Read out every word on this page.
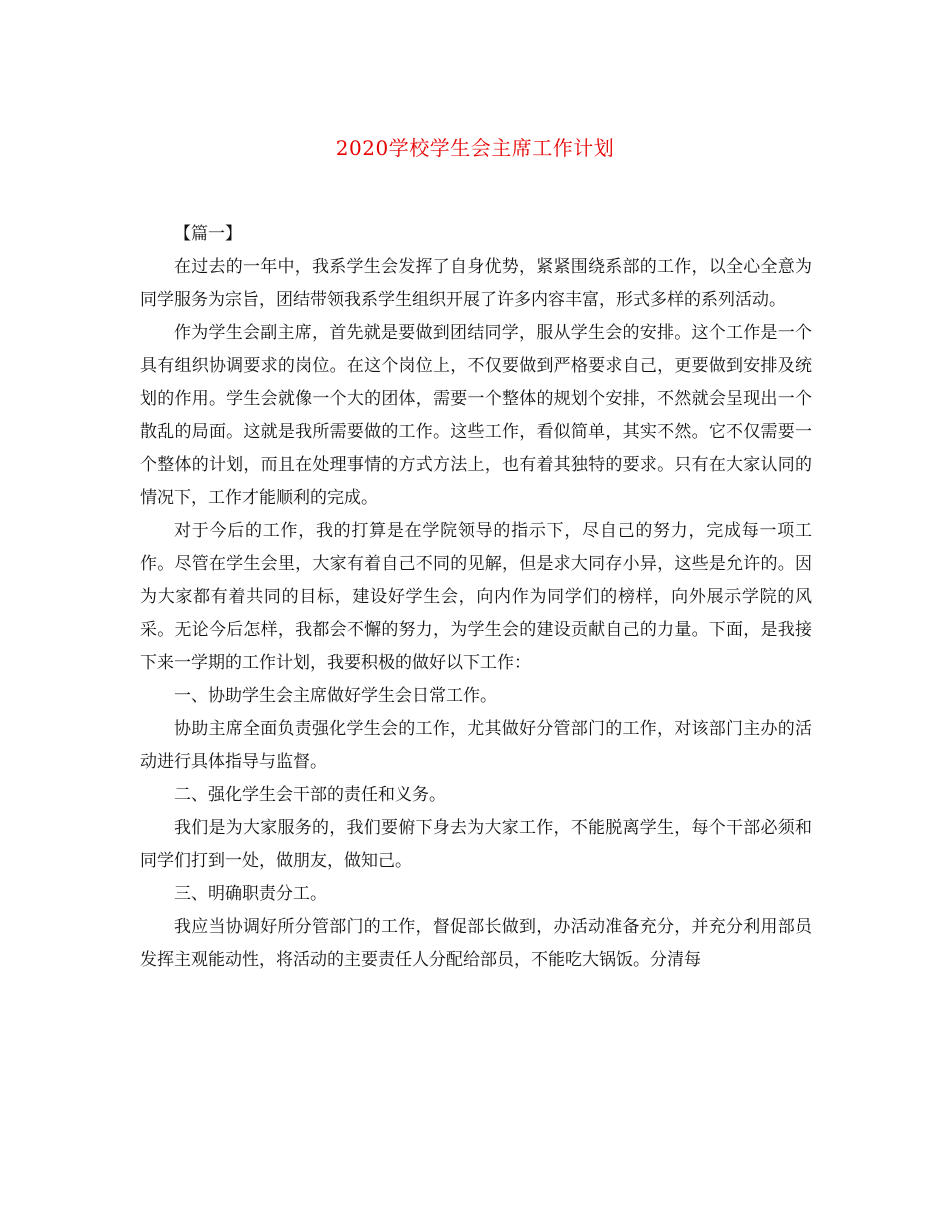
2020学校学生会主席工作计划

【篇一】

在过去的一年中，我系学生会发挥了自身优势，紧紧围绕系部的工作，以全心全意为同学服务为宗旨，团结带领我系学生组织开展了许多内容丰富，形式多样的系列活动。

作为学生会副主席，首先就是要做到团结同学，服从学生会的安排。这个工作是一个具有组织协调要求的岗位。在这个岗位上，不仅要做到严格要求自己，更要做到安排及统划的作用。学生会就像一个大的团体，需要一个整体的规划个安排，不然就会呈现出一个散乱的局面。这就是我所需要做的工作。这些工作，看似简单，其实不然。它不仅需要一个整体的计划，而且在处理事情的方式方法上，也有着其独特的要求。只有在大家认同的情况下，工作才能顺利的完成。

对于今后的工作，我的打算是在学院领导的指示下，尽自己的努力，完成每一项工作。尽管在学生会里，大家有着自己不同的见解，但是求大同存小异，这些是允许的。因为大家都有着共同的目标，建设好学生会，向内作为同学们的榜样，向外展示学院的风采。无论今后怎样，我都会不懈的努力，为学生会的建设贡献自己的力量。下面，是我接下来一学期的工作计划，我要积极的做好以下工作：

一、协助学生会主席做好学生会日常工作。

协助主席全面负责强化学生会的工作，尤其做好分管部门的工作，对该部门主办的活动进行具体指导与监督。

二、强化学生会干部的责任和义务。

我们是为大家服务的，我们要俯下身去为大家工作，不能脱离学生，每个干部必须和同学们打到一处，做朋友，做知己。

三、明确职责分工。

我应当协调好所分管部门的工作，督促部长做到，办活动准备充分，并充分利用部员发挥主观能动性，将活动的主要责任人分配给部员，不能吃大锅饭。分清每
